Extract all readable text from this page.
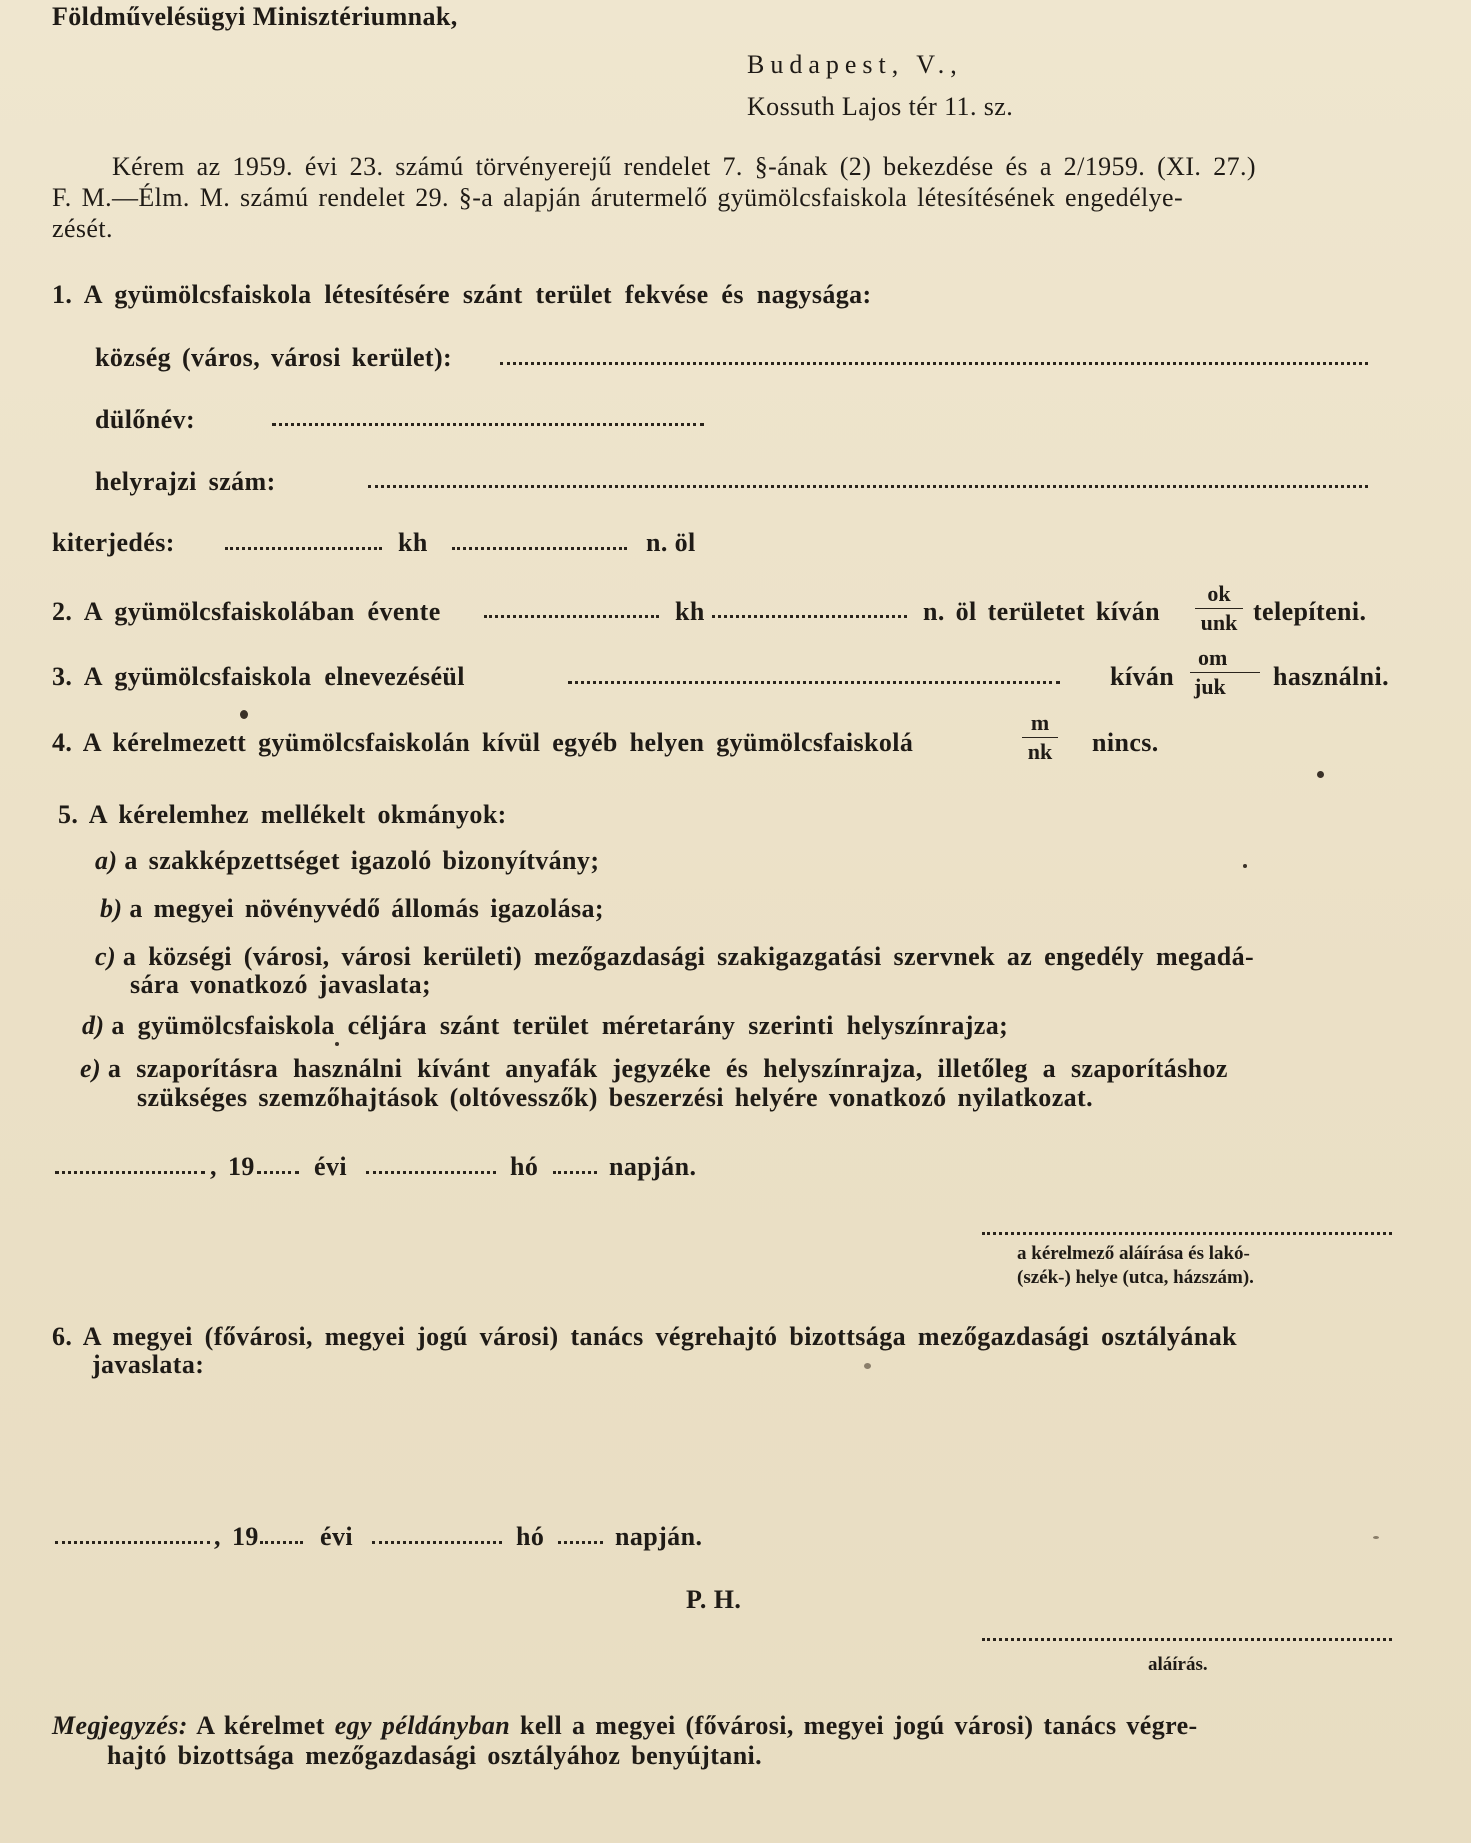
Földművelésügyi Minisztériumnak,
Budapest, V.,
Kossuth Lajos tér 11. sz.
Kérem az 1959. évi 23. számú törvényerejű rendelet 7. §-ának (2) bekezdése és a 2/1959. (XI. 27.)
F. M.—Élm. M. számú rendelet 29. §-a alapján árutermelő gyümölcsfaiskola létesítésének engedélye-
zését.
1. A gyümölcsfaiskola létesítésére szánt terület fekvése és nagysága:
község (város, városi kerület):
dülőnév:
helyrajzi szám:
kiterjedés:	kh	n. öl
2. A gyümölcsfaiskolában évente	kh	n. öl területet kíván
ok
unk telepíteni.
3. A gyümölcsfaiskola elnevezéséül	kíván
om
juk	használni.
4. A kérelmezett gyümölcsfaiskolán kívül egyéb helyen gyümölcsfaiskolá
m
nk nincs.
5. A kérelemhez mellékelt okmányok:
a) a szakképzettséget igazoló bizonyítvány;
b) a megyei növényvédő állomás igazolása;
c) a községi (városi, városi kerületi) mezőgazdasági szakigazgatási szervnek az engedély megadá-
sára vonatkozó javaslata;
d) a gyümölcsfaiskola céljára szánt terület méretarány szerinti helyszínrajza;
e) a szaporításra használni kívánt anyafák jegyzéke és helyszínrajza, illetőleg a szaporításhoz
szükséges szemzőhajtások (oltóvesszők) beszerzési helyére vonatkozó nyilatkozat.
, 19 évi	hó	napján.
a kérelmező aláírása és lakó-
(szék-) helye (utca, házszám).
6. A megyei (fővárosi, megyei jogú városi) tanács végrehajtó bizottsága mezőgazdasági osztályának
javaslata:
, 19 évi	hó	napján.
P. H.
aláírás.
Megjegyzés: A kérelmet egy példányban kell a megyei (fővárosi, megyei jogú városi) tanács végre-
hajtó bizottsága mezőgazdasági osztályához benyújtani.
